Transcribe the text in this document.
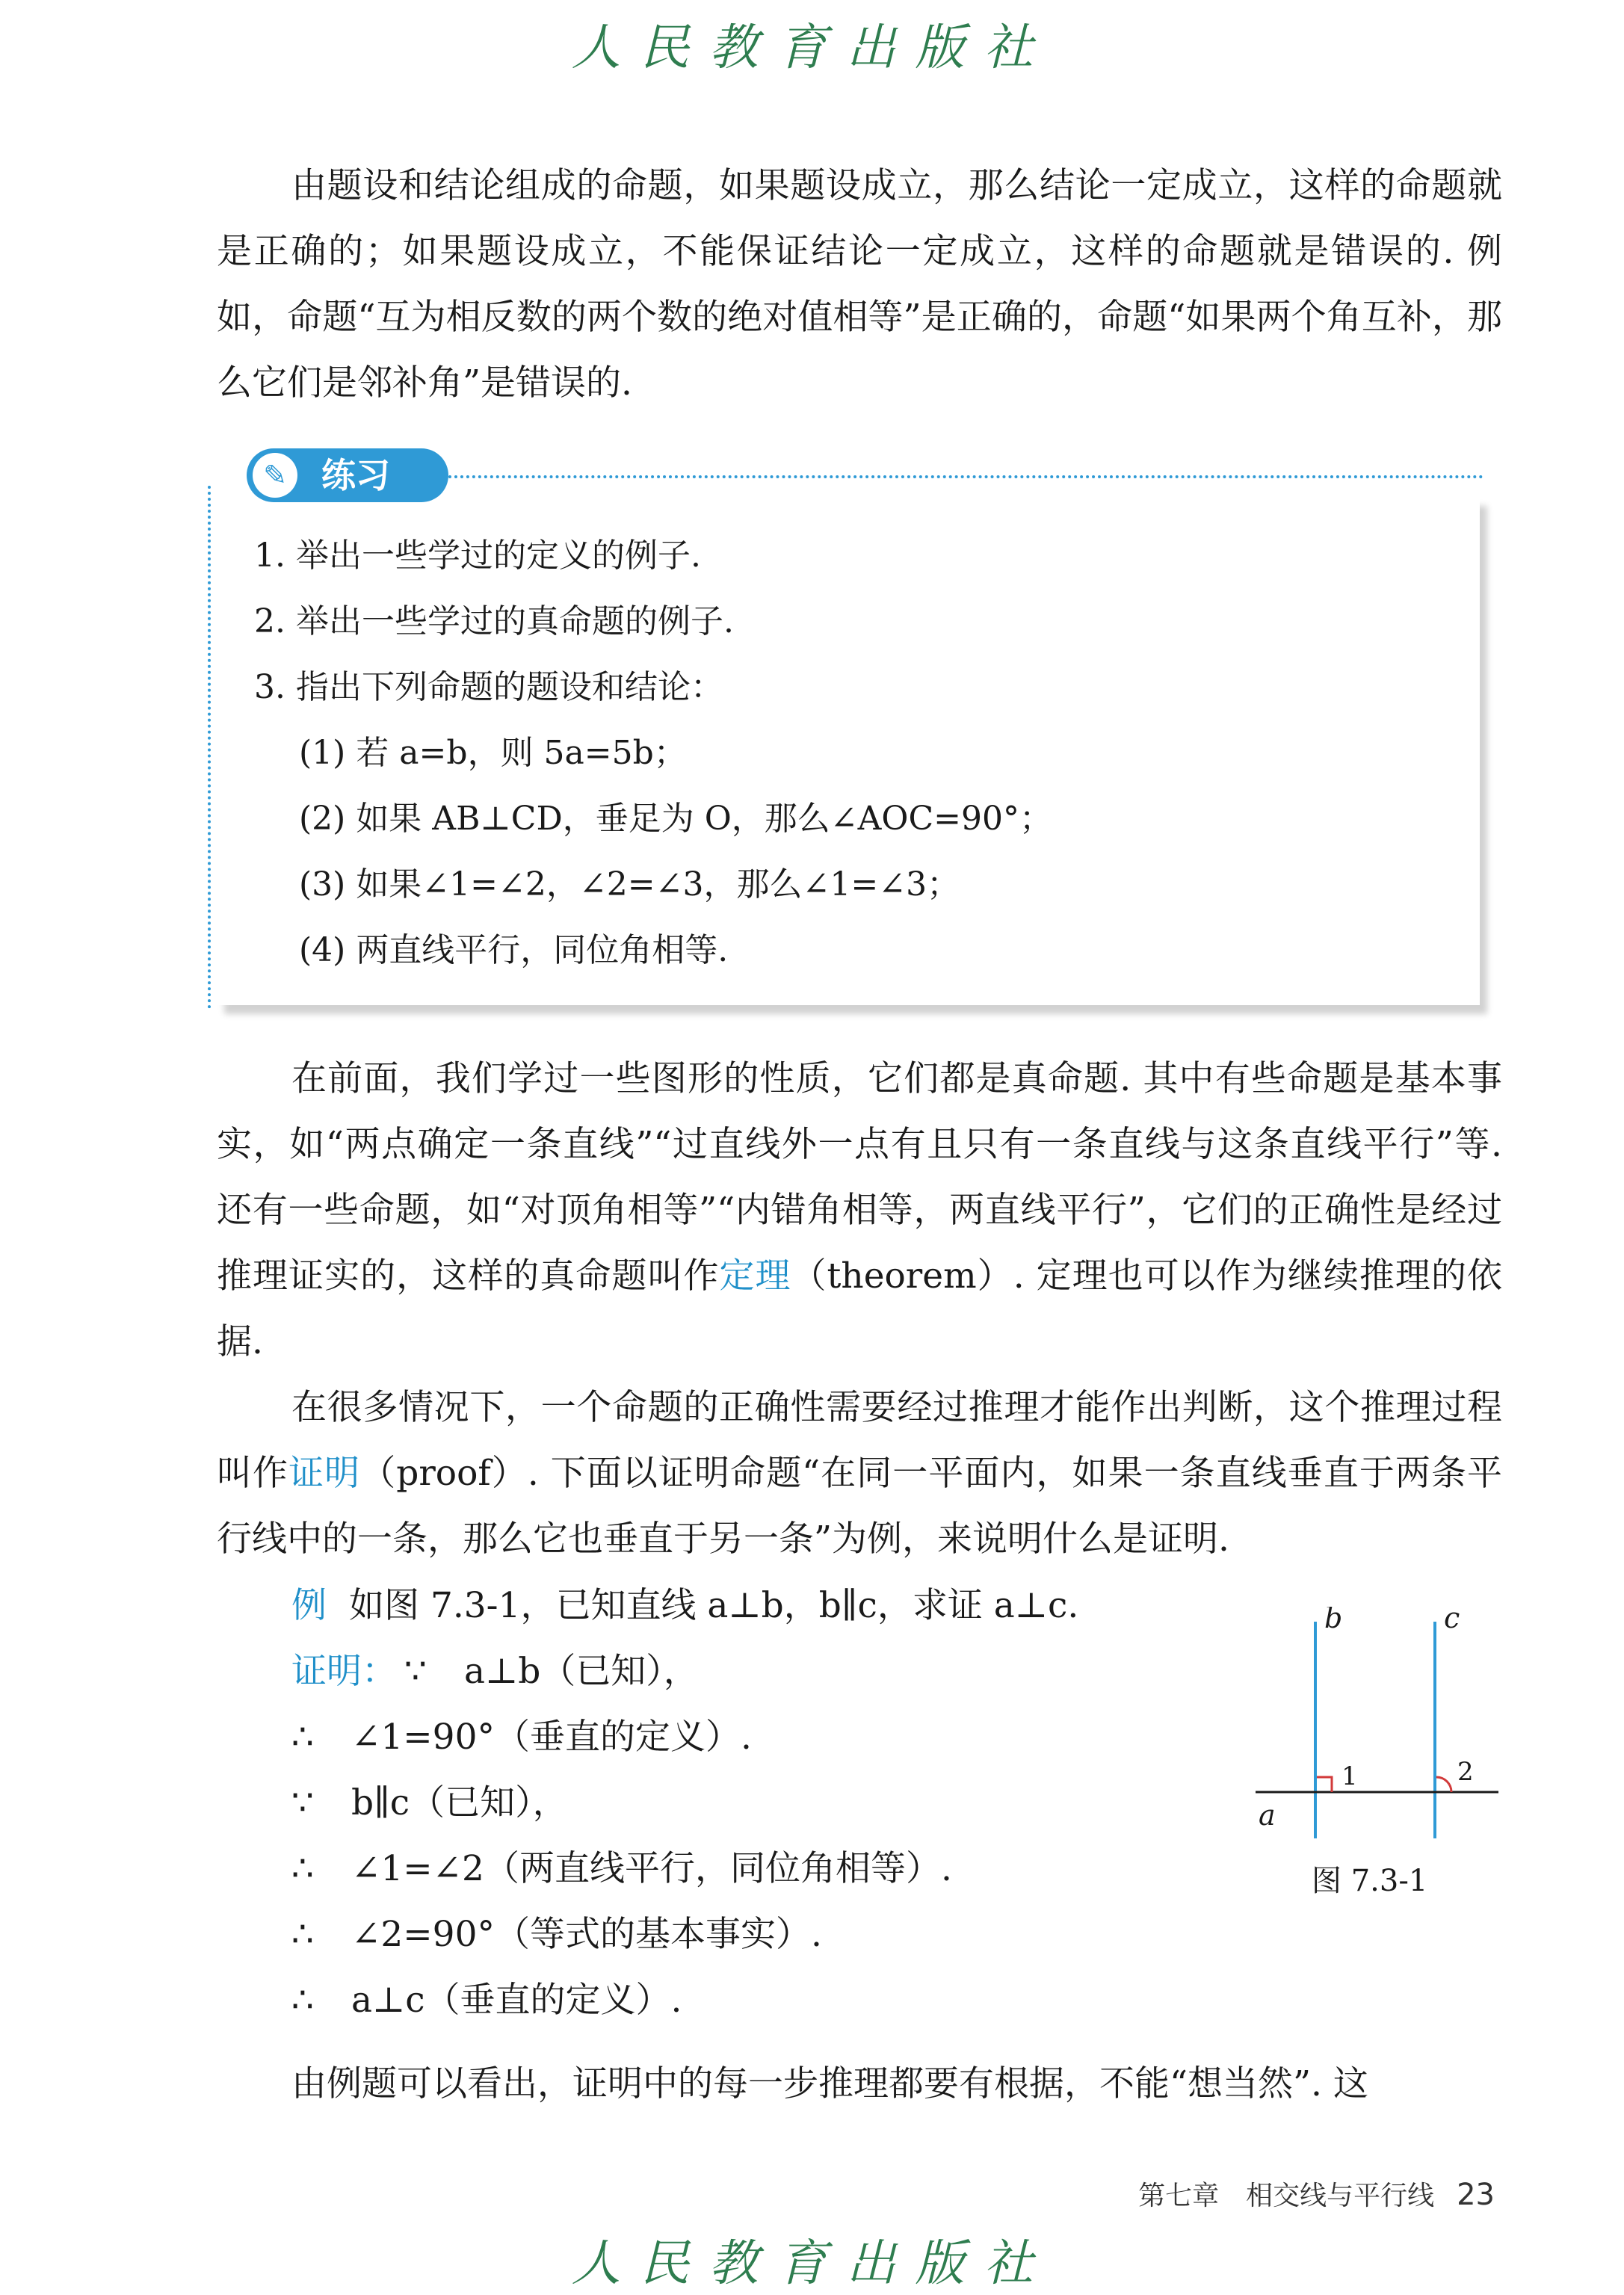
人民教育出版社

由题设和结论组成的命题，如果题设成立，那么结论一定成立，这样的命题就是正确的；如果题设成立，不能保证结论一定成立，这样的命题就是错误的. 例如，命题“互为相反数的两个数的绝对值相等”是正确的，命题“如果两个角互补，那么它们是邻补角”是错误的.

✎	练习
1. 举出一些学过的定义的例子.
2. 举出一些学过的真命题的例子.
3. 指出下列命题的题设和结论：
(1) 若 a=b，则 5a=5b；
(2) 如果 AB⊥CD，垂足为 O，那么∠AOC=90°；
(3) 如果∠1=∠2，∠2=∠3，那么∠1=∠3；
(4) 两直线平行，同位角相等.

在前面，我们学过一些图形的性质，它们都是真命题. 其中有些命题是基本事实，如“两点确定一条直线”“过直线外一点有且只有一条直线与这条直线平行”等. 还有一些命题，如“对顶角相等”“内错角相等，两直线平行”，它们的正确性是经过推理证实的，这样的真命题叫作定理（theorem）. 定理也可以作为继续推理的依据.

在很多情况下，一个命题的正确性需要经过推理才能作出判断，这个推理过程叫作证明（proof）. 下面以证明命题“在同一平面内，如果一条直线垂直于两条平行线中的一条，那么它也垂直于另一条”为例，来说明什么是证明.

例 如图 7.3-1，已知直线 a⊥b，b∥c，求证 a⊥c.
证明： ∵ a⊥b（已知），
∴ ∠1=90°（垂直的定义）.
∵ b∥c（已知），
∴ ∠1=∠2（两直线平行，同位角相等）.
∴ ∠2=90°（等式的基本事实）.
∴ a⊥c（垂直的定义）.
b	c
a
1	2
图 7.3-1

由例题可以看出，证明中的每一步推理都要有根据，不能“想当然”. 这

第七章　相交线与平行线 23
人民教育出版社
